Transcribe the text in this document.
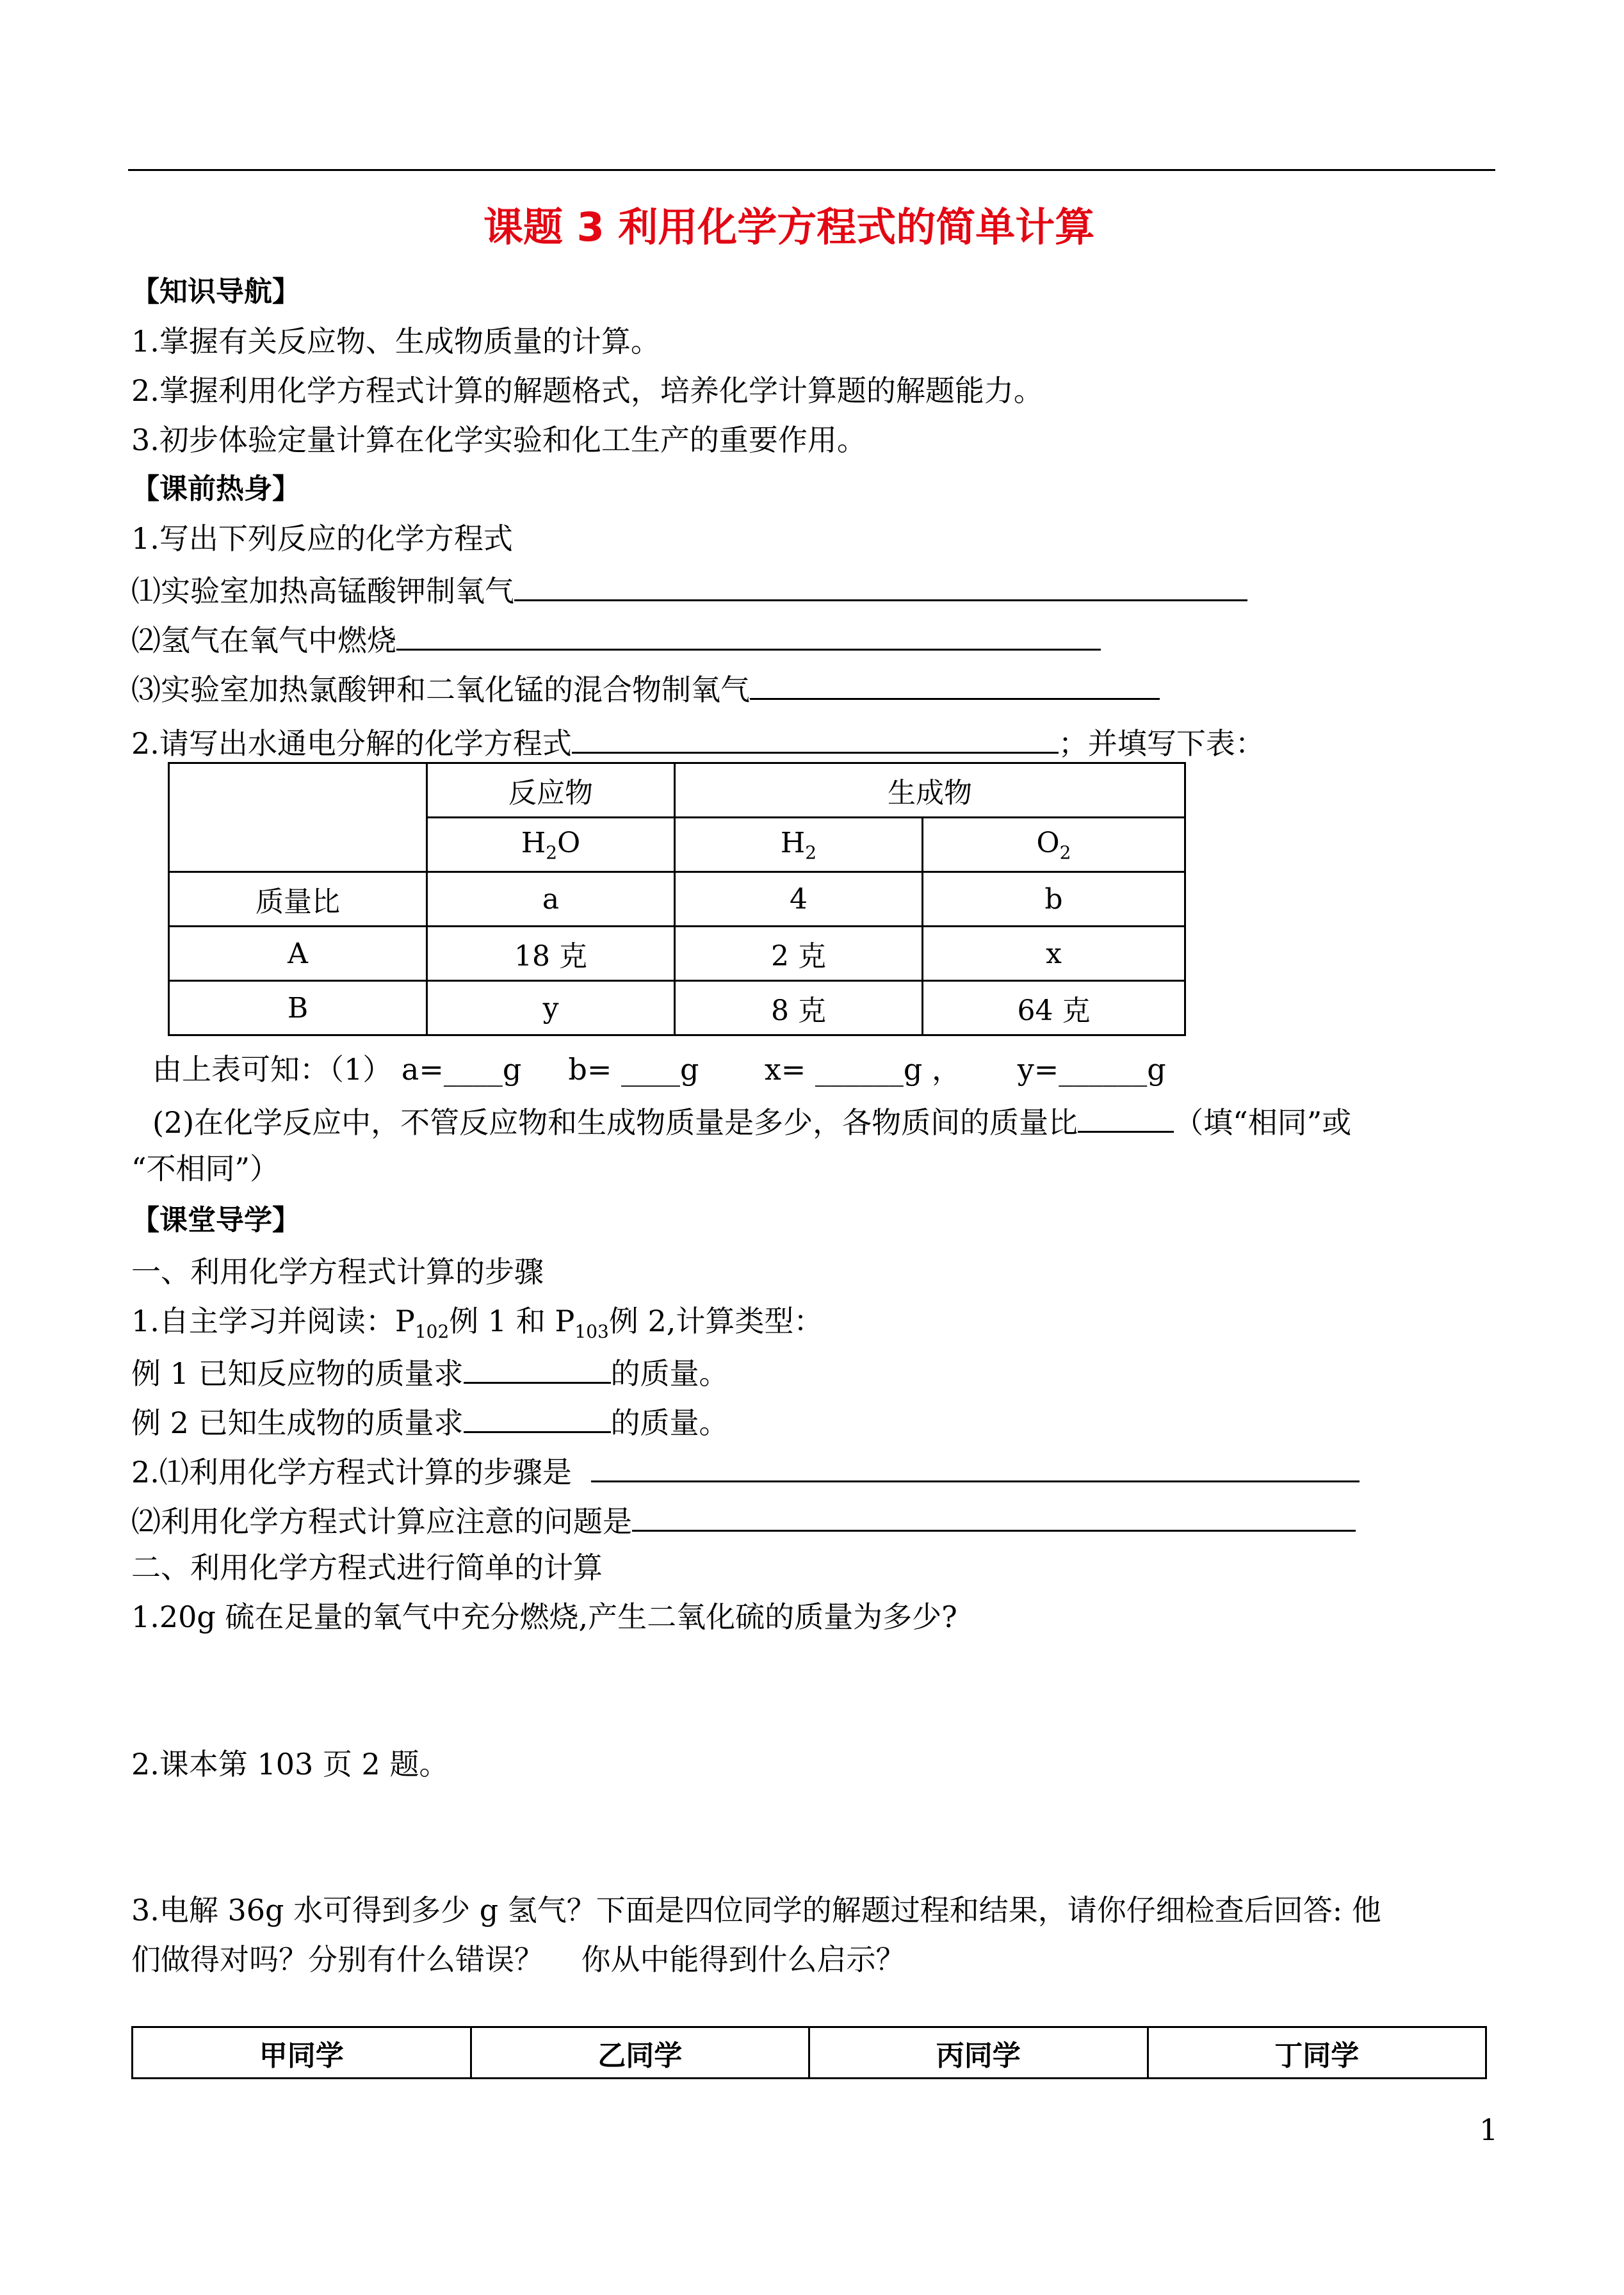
课题 3 利用化学方程式的简单计算
【知识导航】
1.掌握有关反应物、生成物质量的计算。
2.掌握利用化学方程式计算的解题格式，培养化学计算题的解题能力。
3.初步体验定量计算在化学实验和化工生产的重要作用。
【课前热身】
1.写出下列反应的化学方程式
⑴实验室加热高锰酸钾制氧气
⑵氢气在氧气中燃烧
⑶实验室加热氯酸钾和二氧化锰的混合物制氧气
2.请写出水通电分解的化学方程式	；并填写下表：
	反应物	生成物	
	$H_2O$	$H_2$	$O_2$
质量比	a	4	b
A	18 克	2 克	x
B	y	8 克	64 克
由上表可知：（1） a=____g     b= ____g       x= ______g ，      y=______g
(2)在化学反应中，不管反应物和生成物质量是多少，各物质间的质量比	（填“相同”或
“不相同”）
【课堂导学】
一、利用化学方程式计算的步骤
1.自主学习并阅读：$P_{102}$例 1 和 $P_{103}$例 2,计算类型：
例 1 已知反应物的质量求	的质量。
例 2 已知生成物的质量求	的质量。
2.⑴利用化学方程式计算的步骤是
⑵利用化学方程式计算应注意的问题是
二、利用化学方程式进行简单的计算
1.20g 硫在足量的氧气中充分燃烧,产生二氧化硫的质量为多少?
2.课本第 103 页 2 题。
3.电解 36g 水可得到多少 g 氢气？下面是四位同学的解题过程和结果，请你仔细检查后回答: 他
们做得对吗？分别有什么错误？    你从中能得到什么启示？
甲同学	乙同学	丙同学	丁同学
1
